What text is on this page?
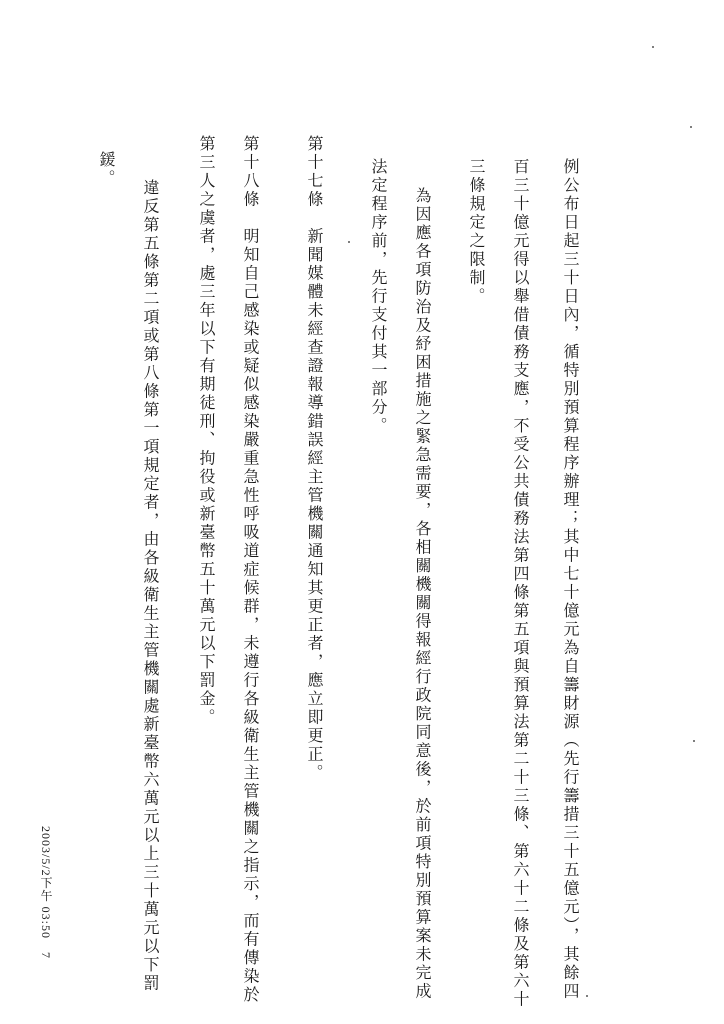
例公布日起三十日內，循特別預算程序辦理；其中七十億元為自籌財源（先行籌措三十五億元），其餘四
百三十億元得以舉借債務支應，不受公共債務法第四條第五項與預算法第二十三條、第六十二條及第六十
三條規定之限制。
為因應各項防治及紓困措施之緊急需要，各相關機關得報經行政院同意後，於前項特別預算案未完成
法定程序前，先行支付其一部分。
第十七條　新聞媒體未經查證報導錯誤經主管機關通知其更正者，應立即更正。
第十八條　明知自己感染或疑似感染嚴重急性呼吸道症候群，未遵行各級衛生主管機關之指示，而有傳染於
第三人之虞者，處三年以下有期徒刑、拘役或新臺幣五十萬元以下罰金。
違反第五條第二項或第八條第一項規定者，由各級衛生主管機關處新臺幣六萬元以上三十萬元以下罰
鍰。
2003/5/2下午 03:50　7
